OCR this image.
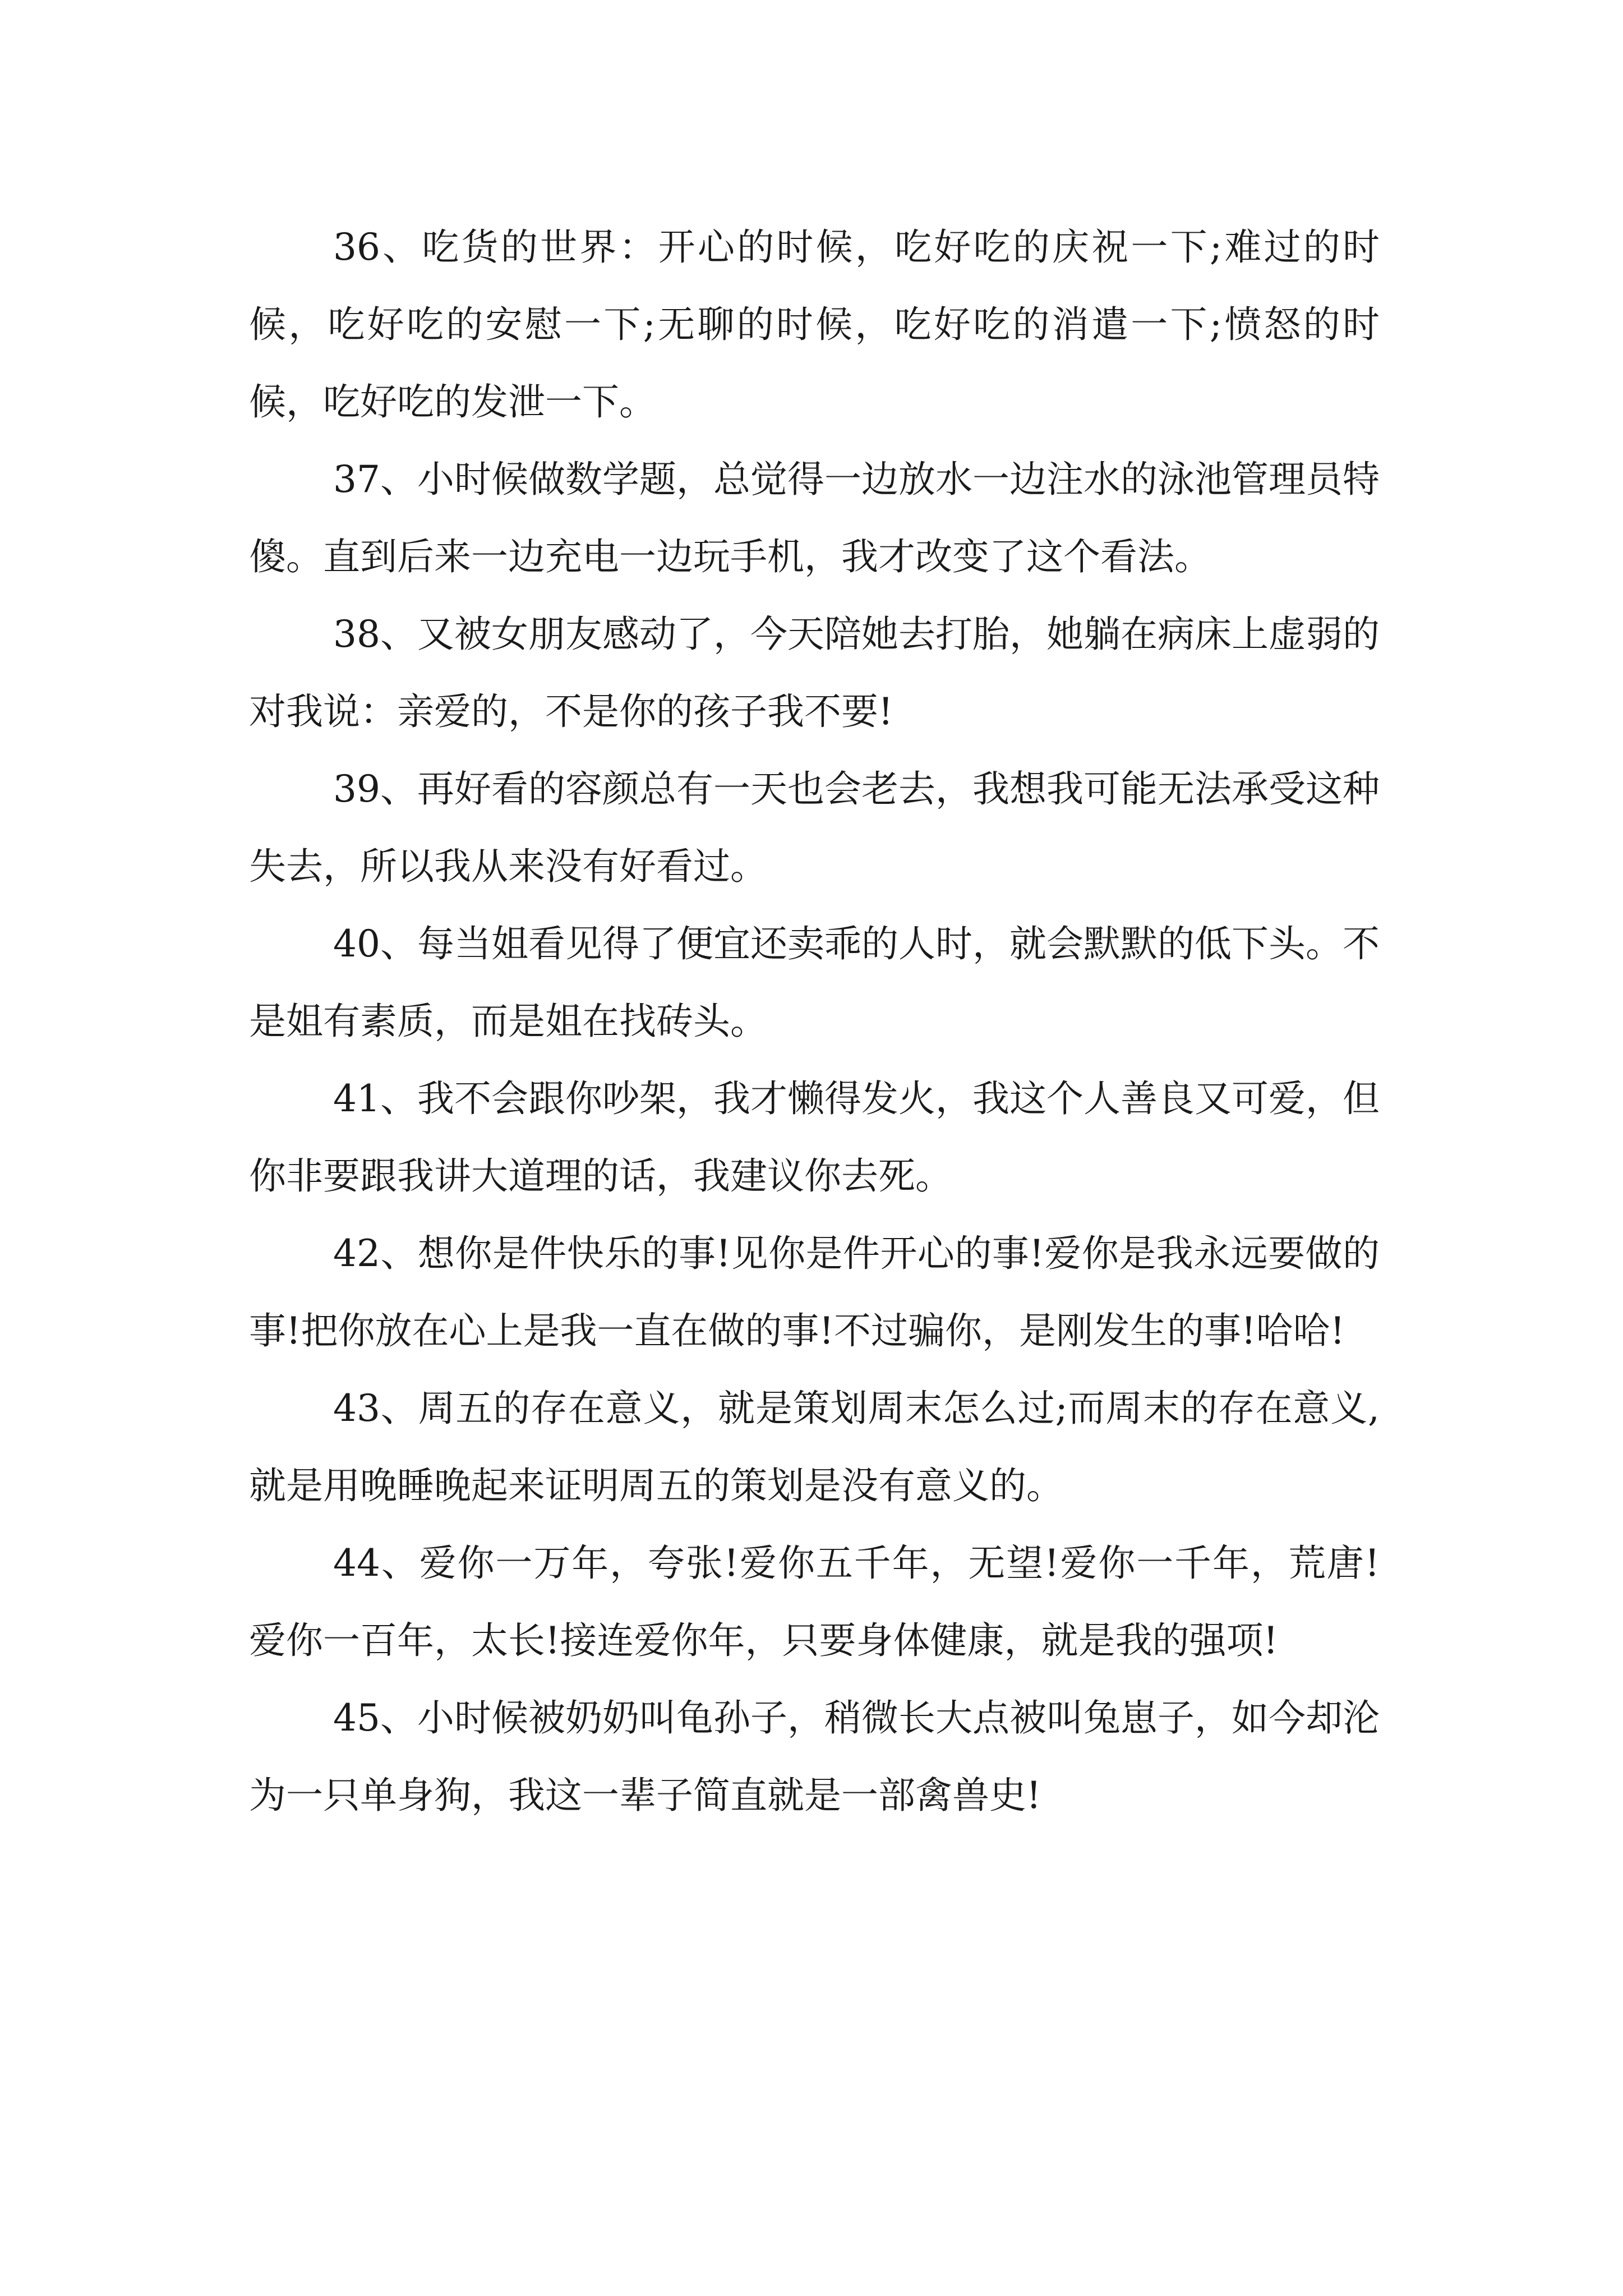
36、吃货的世界：开心的时候，吃好吃的庆祝一下;难过的时候，吃好吃的安慰一下;无聊的时候，吃好吃的消遣一下;愤怒的时候，吃好吃的发泄一下。

37、小时候做数学题，总觉得一边放水一边注水的泳池管理员特傻。直到后来一边充电一边玩手机，我才改变了这个看法。

38、又被女朋友感动了，今天陪她去打胎，她躺在病床上虚弱的对我说：亲爱的，不是你的孩子我不要!

39、再好看的容颜总有一天也会老去，我想我可能无法承受这种失去，所以我从来没有好看过。

40、每当姐看见得了便宜还卖乖的人时，就会默默的低下头。不是姐有素质，而是姐在找砖头。

41、我不会跟你吵架，我才懒得发火，我这个人善良又可爱，但你非要跟我讲大道理的话，我建议你去死。

42、想你是件快乐的事!见你是件开心的事!爱你是我永远要做的事!把你放在心上是我一直在做的事!不过骗你，是刚发生的事!哈哈!

43、周五的存在意义，就是策划周末怎么过;而周末的存在意义,就是用晚睡晚起来证明周五的策划是没有意义的。

44、爱你一万年，夸张!爱你五千年，无望!爱你一千年，荒唐!爱你一百年，太长!接连爱你年，只要身体健康，就是我的强项!

45、小时候被奶奶叫龟孙子，稍微长大点被叫兔崽子，如今却沦为一只单身狗，我这一辈子简直就是一部禽兽史!
